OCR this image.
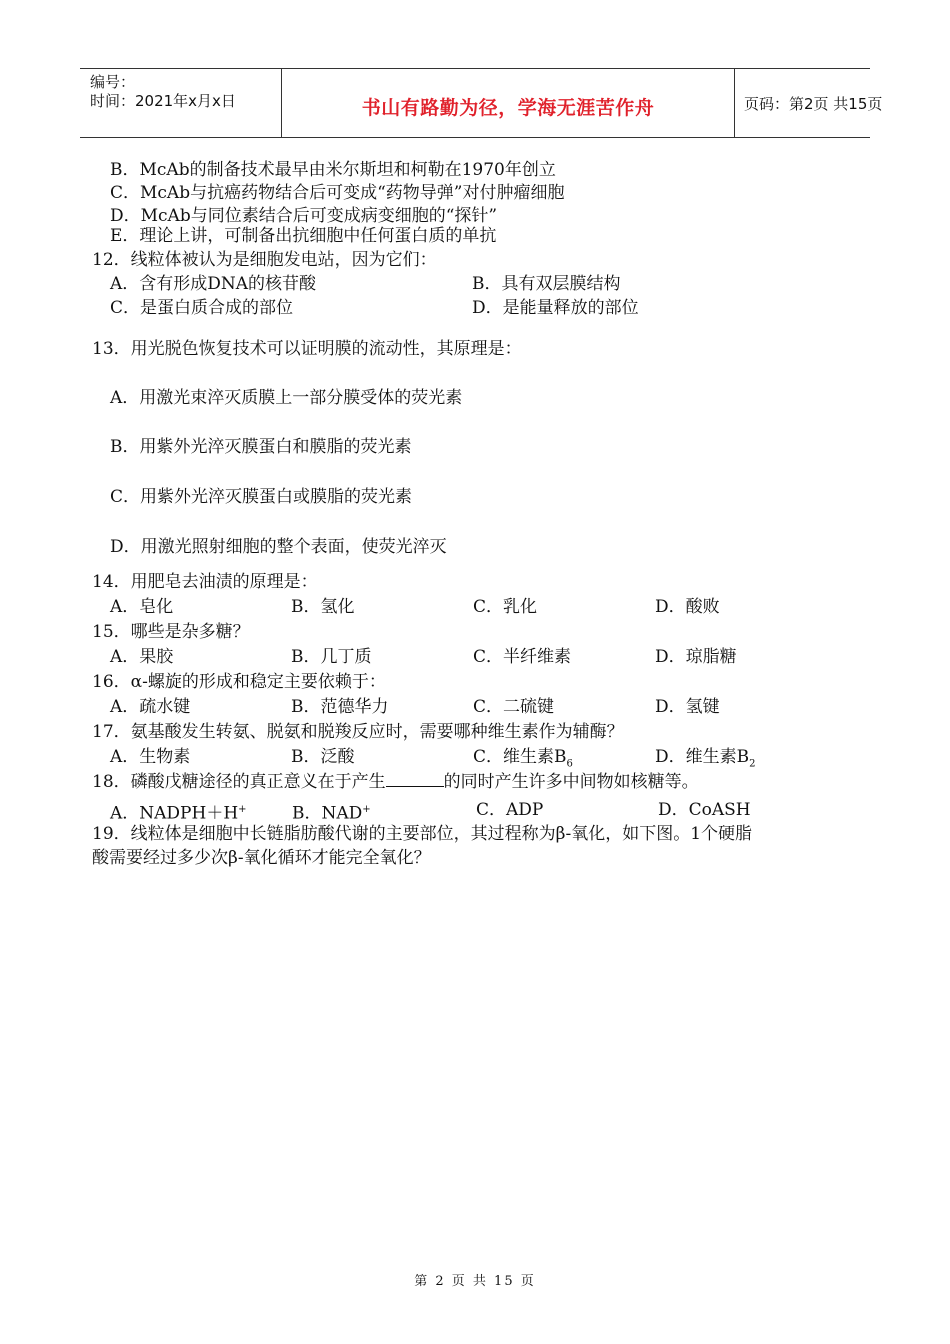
编号：
时间：2021年x月x日	书山有路勤为径，学海无涯苦作舟	页码：第2页 共15页
B．McAb的制备技术最早由米尔斯坦和柯勒在1970年创立
C．McAb与抗癌药物结合后可变成“药物导弹”对付肿瘤细胞
D．McAb与同位素结合后可变成病变细胞的“探针”
E．理论上讲，可制备出抗细胞中任何蛋白质的单抗
12．线粒体被认为是细胞发电站，因为它们：
A．含有形成DNA的核苷酸	B．具有双层膜结构
C．是蛋白质合成的部位	D．是能量释放的部位
13．用光脱色恢复技术可以证明膜的流动性，其原理是：
A．用激光束淬灭质膜上一部分膜受体的荧光素
B．用紫外光淬灭膜蛋白和膜脂的荧光素
C．用紫外光淬灭膜蛋白或膜脂的荧光素
D．用激光照射细胞的整个表面，使荧光淬灭
14．用肥皂去油渍的原理是：
A．皂化	B．氢化	C．乳化	D．酸败
15．哪些是杂多糖？
A．果胶	B．几丁质	C．半纤维素	D．琼脂糖
16．α-螺旋的形成和稳定主要依赖于：
A．疏水键	B．范德华力	C．二硫键	D．氢键
17．氨基酸发生转氨、脱氨和脱羧反应时，需要哪种维生素作为辅酶？
A．生物素	B．泛酸	C．维生素$B_6$	D．维生素$B_2$
18．磷酸戊糖途径的真正意义在于产生	的同时产生许多中间物如核糖等。
A．NADPH＋H+	B．NAD+	C．ADP	D．CoASH
19．线粒体是细胞中长链脂肪酸代谢的主要部位，其过程称为β-氧化，如下图。1个硬脂
酸需要经过多少次β-氧化循环才能完全氧化？
第 2 页 共 15 页
